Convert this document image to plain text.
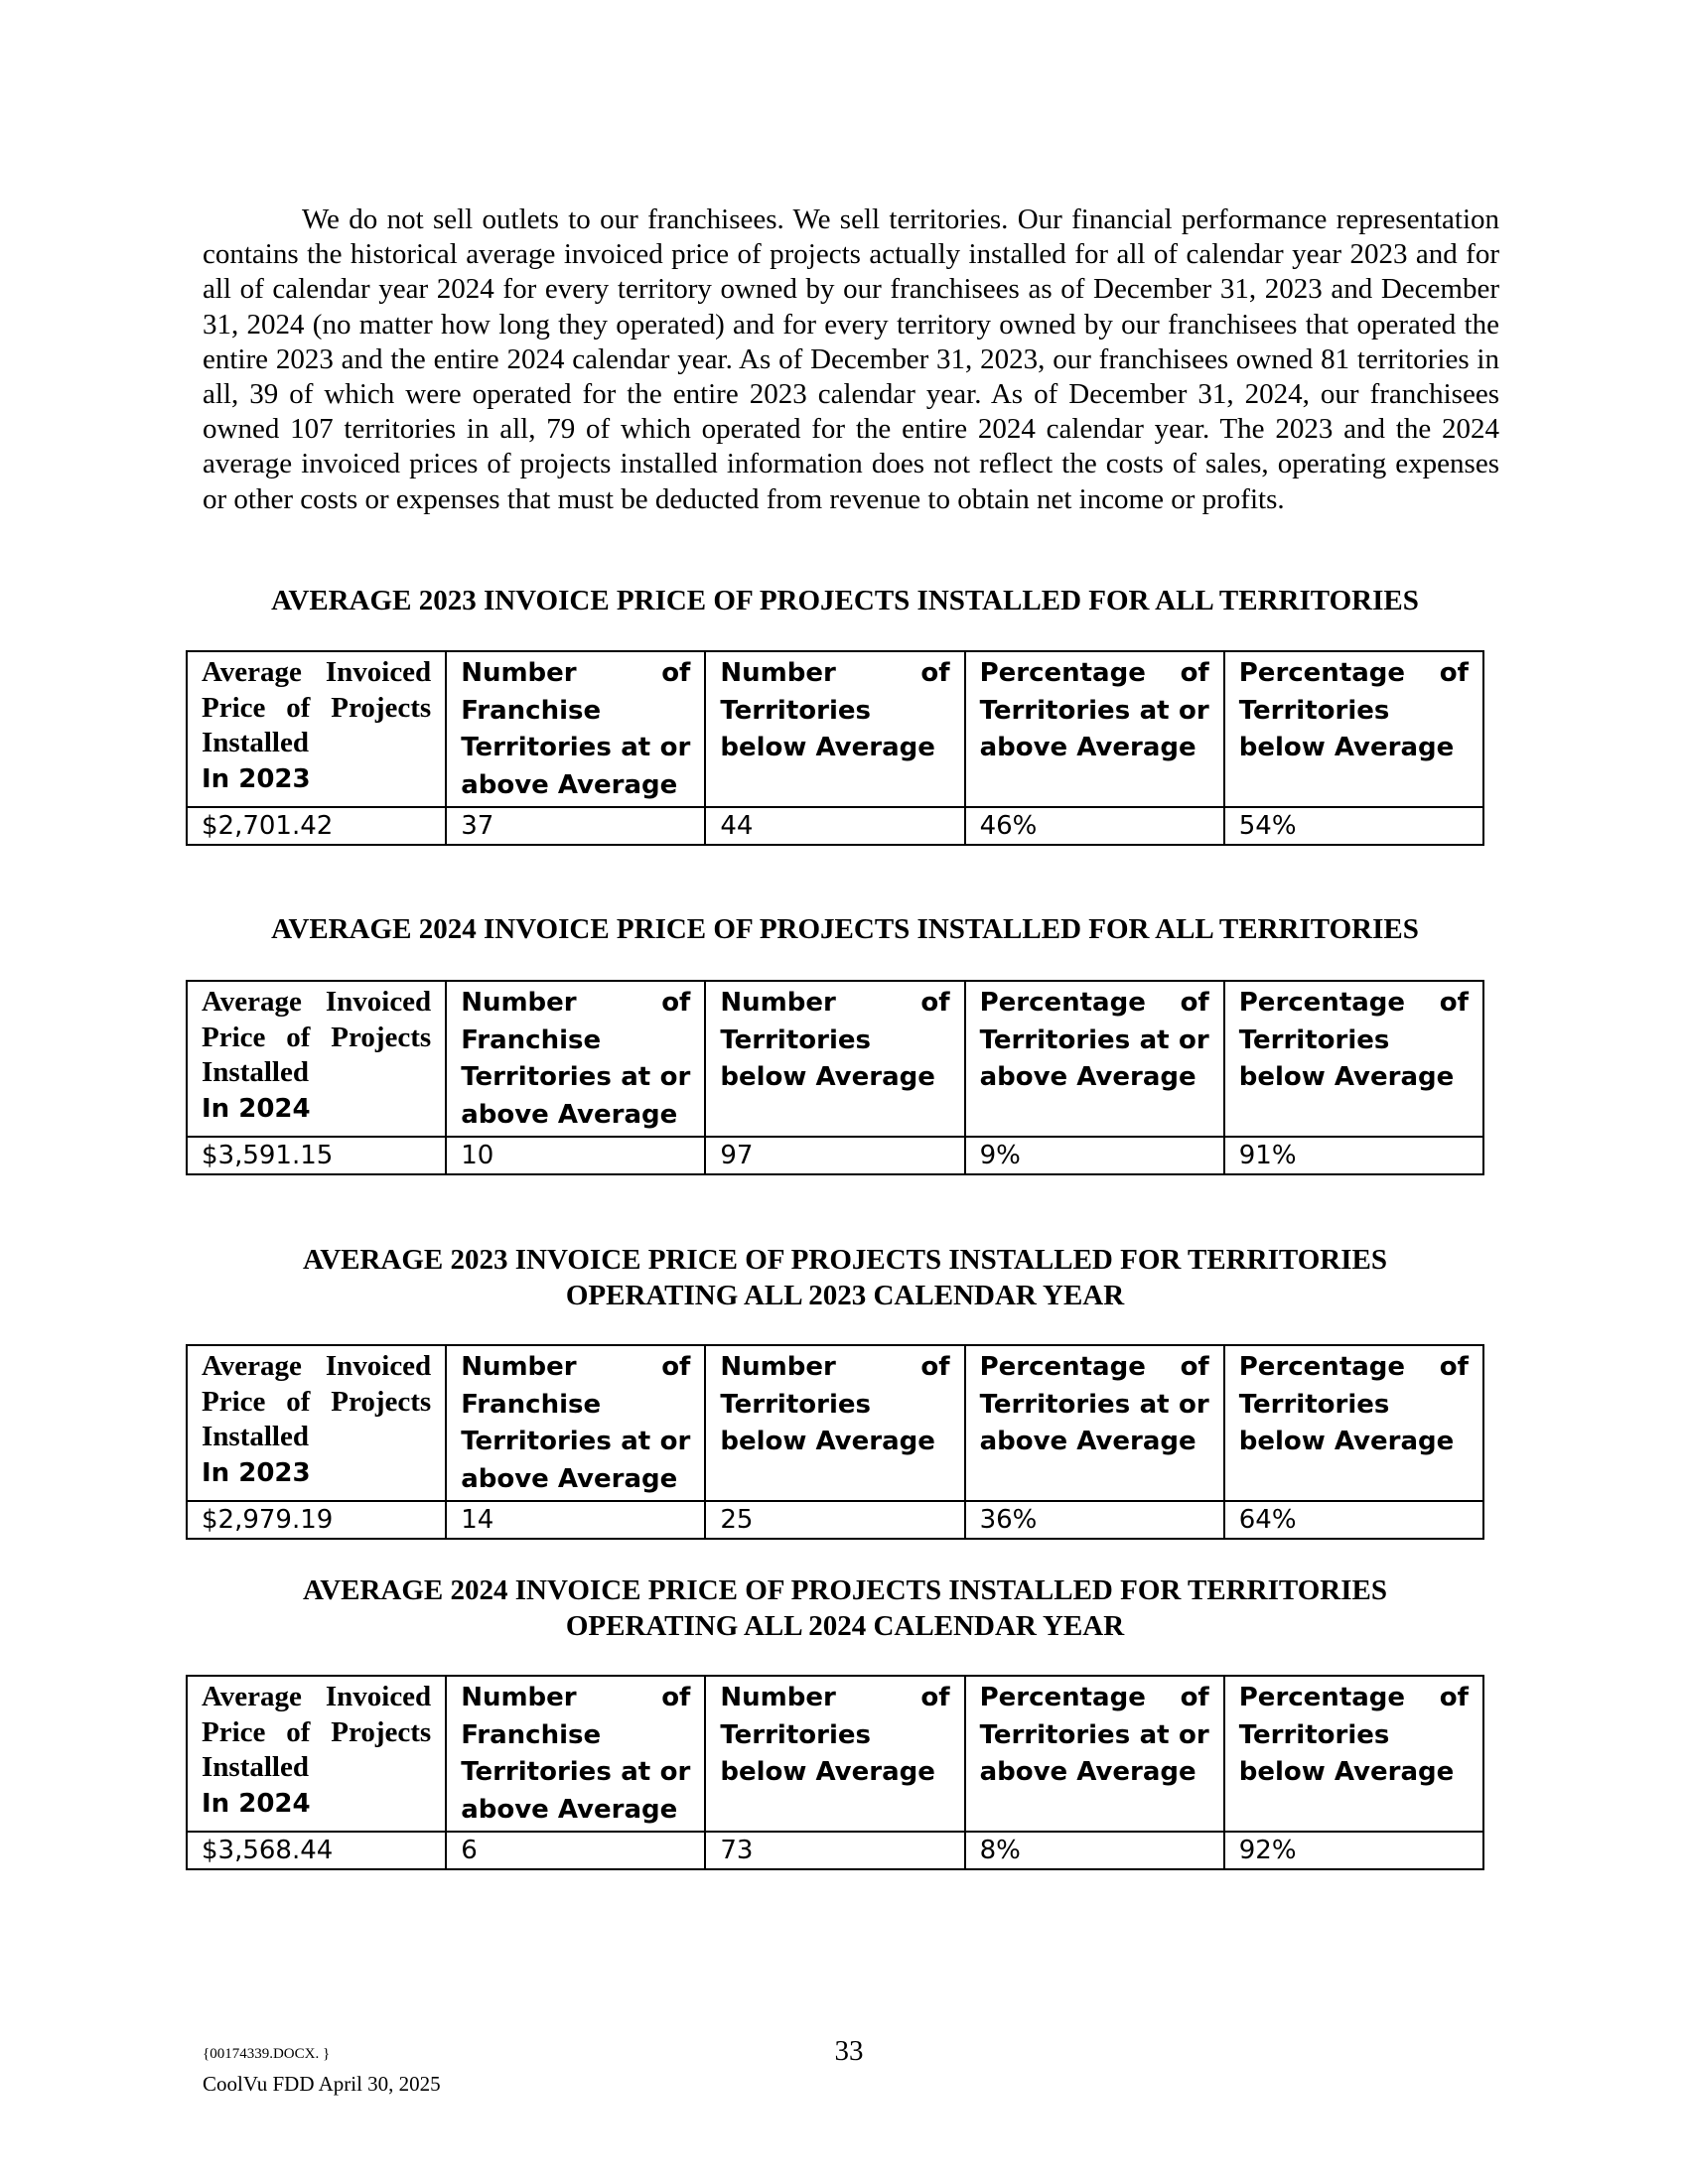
We do not sell outlets to our franchisees. We sell territories. Our financial performance representation contains the historical average invoiced price of projects actually installed for all of calendar year 2023 and for all of calendar year 2024 for every territory owned by our franchisees as of December 31, 2023 and December 31, 2024 (no matter how long they operated) and for every territory owned by our franchisees that operated the entire 2023 and the entire 2024 calendar year. As of December 31, 2023, our franchisees owned 81 territories in all, 39 of which were operated for the entire 2023 calendar year. As of December 31, 2024, our franchisees owned 107 territories in all, 79 of which operated for the entire 2024 calendar year. The 2023 and the 2024 average invoiced prices of projects installed information does not reflect the costs of sales, operating expenses or other costs or expenses that must be deducted from revenue to obtain net income or profits.

AVERAGE 2023 INVOICE PRICE OF PROJECTS INSTALLED FOR ALL TERRITORIES
Average Invoiced Price of Projects Installed
In 2023	Number of Franchise Territories at or above Average	Number of Territories below Average	Percentage of Territories at or above Average	Percentage of Territories below Average
$2,701.42	37	44	46%	54%
AVERAGE 2024 INVOICE PRICE OF PROJECTS INSTALLED FOR ALL TERRITORIES
Average Invoiced Price of Projects Installed
In 2024	Number of Franchise Territories at or above Average	Number of Territories below Average	Percentage of Territories at or above Average	Percentage of Territories below Average
$3,591.15	10	97	9%	91%
AVERAGE 2023 INVOICE PRICE OF PROJECTS INSTALLED FOR TERRITORIES
OPERATING ALL 2023 CALENDAR YEAR
Average Invoiced Price of Projects Installed
In 2023	Number of Franchise Territories at or above Average	Number of Territories below Average	Percentage of Territories at or above Average	Percentage of Territories below Average
$2,979.19	14	25	36%	64%
AVERAGE 2024 INVOICE PRICE OF PROJECTS INSTALLED FOR TERRITORIES
OPERATING ALL 2024 CALENDAR YEAR
Average Invoiced Price of Projects Installed
In 2024	Number of Franchise Territories at or above Average	Number of Territories below Average	Percentage of Territories at or above Average	Percentage of Territories below Average
$3,568.44	6	73	8%	92%
{00174339.DOCX. }	33
CoolVu FDD April 30, 2025
